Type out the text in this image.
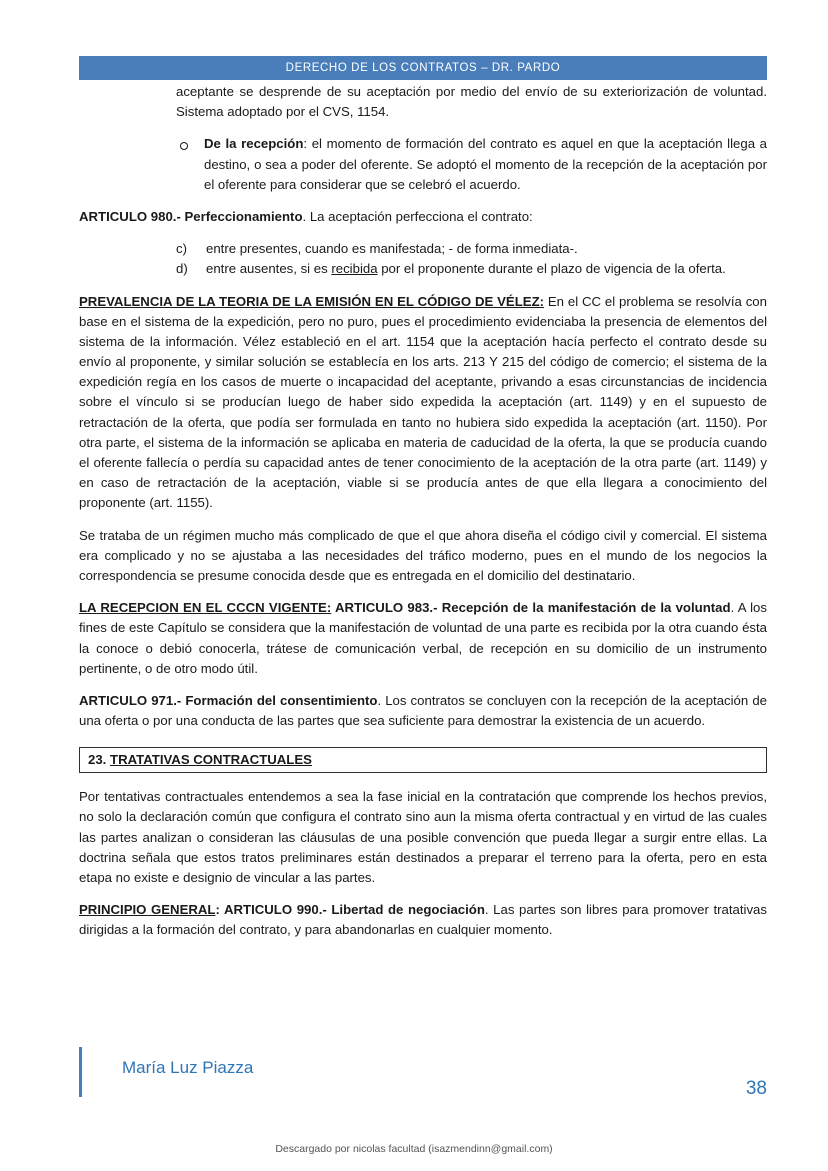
DERECHO DE LOS CONTRATOS – DR. PARDO

aceptante se desprende de su aceptación por medio del envío de su exteriorización de voluntad. Sistema adoptado por el CVS, 1154.

De la recepción: el momento de formación del contrato es aquel en que la aceptación llega a destino, o sea a poder del oferente. Se adoptó el momento de la recepción de la aceptación por el oferente para considerar que se celebró el acuerdo.

ARTICULO 980.- Perfeccionamiento. La aceptación perfecciona el contrato:

c) entre presentes, cuando es manifestada; - de forma inmediata-.
d) entre ausentes, si es recibida por el proponente durante el plazo de vigencia de la oferta.

PREVALENCIA DE LA TEORIA DE LA EMISIÓN EN EL CÓDIGO DE VÉLEZ: En el CC el problema se resolvía con base en el sistema de la expedición, pero no puro, pues el procedimiento evidenciaba la presencia de elementos del sistema de la información. Vélez estableció en el art. 1154 que la aceptación hacía perfecto el contrato desde su envío al proponente, y similar solución se establecía en los arts. 213 Y 215 del código de comercio; el sistema de la expedición regía en los casos de muerte o incapacidad del aceptante, privando a esas circunstancias de incidencia sobre el vínculo si se producían luego de haber sido expedida la aceptación (art. 1149) y en el supuesto de retractación de la oferta, que podía ser formulada en tanto no hubiera sido expedida la aceptación (art. 1150). Por otra parte, el sistema de la información se aplicaba en materia de caducidad de la oferta, la que se producía cuando el oferente fallecía o perdía su capacidad antes de tener conocimiento de la aceptación de la otra parte (art. 1149) y en caso de retractación de la aceptación, viable si se producía antes de que ella llegara a conocimiento del proponente (art. 1155).

Se trataba de un régimen mucho más complicado de que el que ahora diseña el código civil y comercial. El sistema era complicado y no se ajustaba a las necesidades del tráfico moderno, pues en el mundo de los negocios la correspondencia se presume conocida desde que es entregada en el domicilio del destinatario.

LA RECEPCION EN EL CCCN VIGENTE: ARTICULO 983.- Recepción de la manifestación de la voluntad. A los fines de este Capítulo se considera que la manifestación de voluntad de una parte es recibida por la otra cuando ésta la conoce o debió conocerla, trátese de comunicación verbal, de recepción en su domicilio de un instrumento pertinente, o de otro modo útil.

ARTICULO 971.- Formación del consentimiento. Los contratos se concluyen con la recepción de la aceptación de una oferta o por una conducta de las partes que sea suficiente para demostrar la existencia de un acuerdo.

23. TRATATIVAS CONTRACTUALES

Por tentativas contractuales entendemos a sea la fase inicial en la contratación que comprende los hechos previos, no solo la declaración común que configura el contrato sino aun la misma oferta contractual y en virtud de las cuales las partes analizan o consideran las cláusulas de una posible convención que pueda llegar a surgir entre ellas. La doctrina señala que estos tratos preliminares están destinados a preparar el terreno para la oferta, pero en esta etapa no existe e designio de vincular a las partes.

PRINCIPIO GENERAL: ARTICULO 990.- Libertad de negociación. Las partes son libres para promover tratativas dirigidas a la formación del contrato, y para abandonarlas en cualquier momento.

María Luz Piazza
38
Descargado por nicolas facultad (isazmendinn@gmail.com)
